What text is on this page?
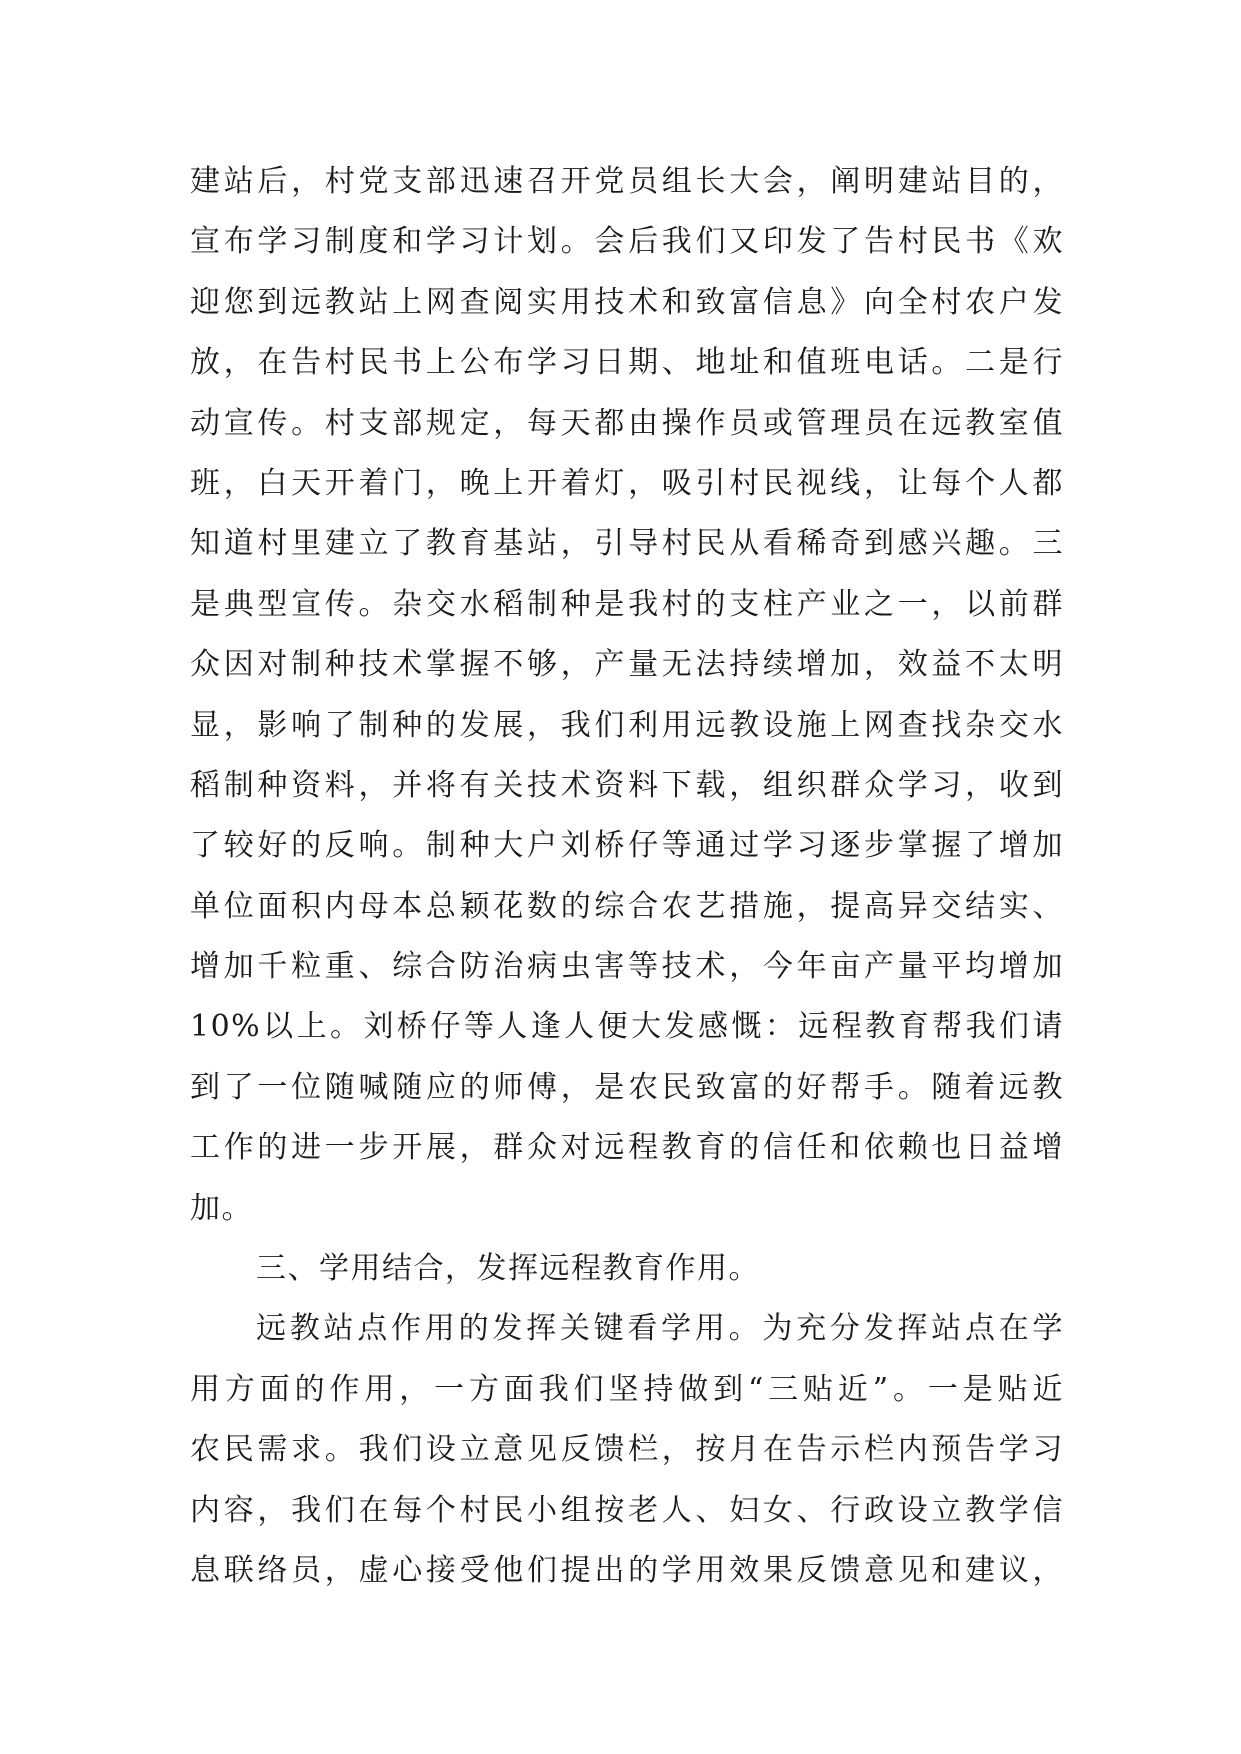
建站后，村党支部迅速召开党员组长大会，阐明建站目的，
宣布学习制度和学习计划。会后我们又印发了告村民书《欢
迎您到远教站上网查阅实用技术和致富信息》向全村农户发
放，在告村民书上公布学习日期、地址和值班电话。二是行
动宣传。村支部规定，每天都由操作员或管理员在远教室值
班，白天开着门，晚上开着灯，吸引村民视线，让每个人都
知道村里建立了教育基站，引导村民从看稀奇到感兴趣。三
是典型宣传。杂交水稻制种是我村的支柱产业之一，以前群
众因对制种技术掌握不够，产量无法持续增加，效益不太明
显，影响了制种的发展，我们利用远教设施上网查找杂交水
稻制种资料，并将有关技术资料下载，组织群众学习，收到
了较好的反响。制种大户刘桥仔等通过学习逐步掌握了增加
单位面积内母本总颖花数的综合农艺措施，提高异交结实、
增加千粒重、综合防治病虫害等技术，今年亩产量平均增加
10%以上。刘桥仔等人逢人便大发感慨：远程教育帮我们请
到了一位随喊随应的师傅，是农民致富的好帮手。随着远教
工作的进一步开展，群众对远程教育的信任和依赖也日益增
加。
三、学用结合，发挥远程教育作用。
远教站点作用的发挥关键看学用。为充分发挥站点在学
用方面的作用，一方面我们坚持做到“三贴近”。一是贴近
农民需求。我们设立意见反馈栏，按月在告示栏内预告学习
内容，我们在每个村民小组按老人、妇女、行政设立教学信
息联络员，虚心接受他们提出的学用效果反馈意见和建议，
